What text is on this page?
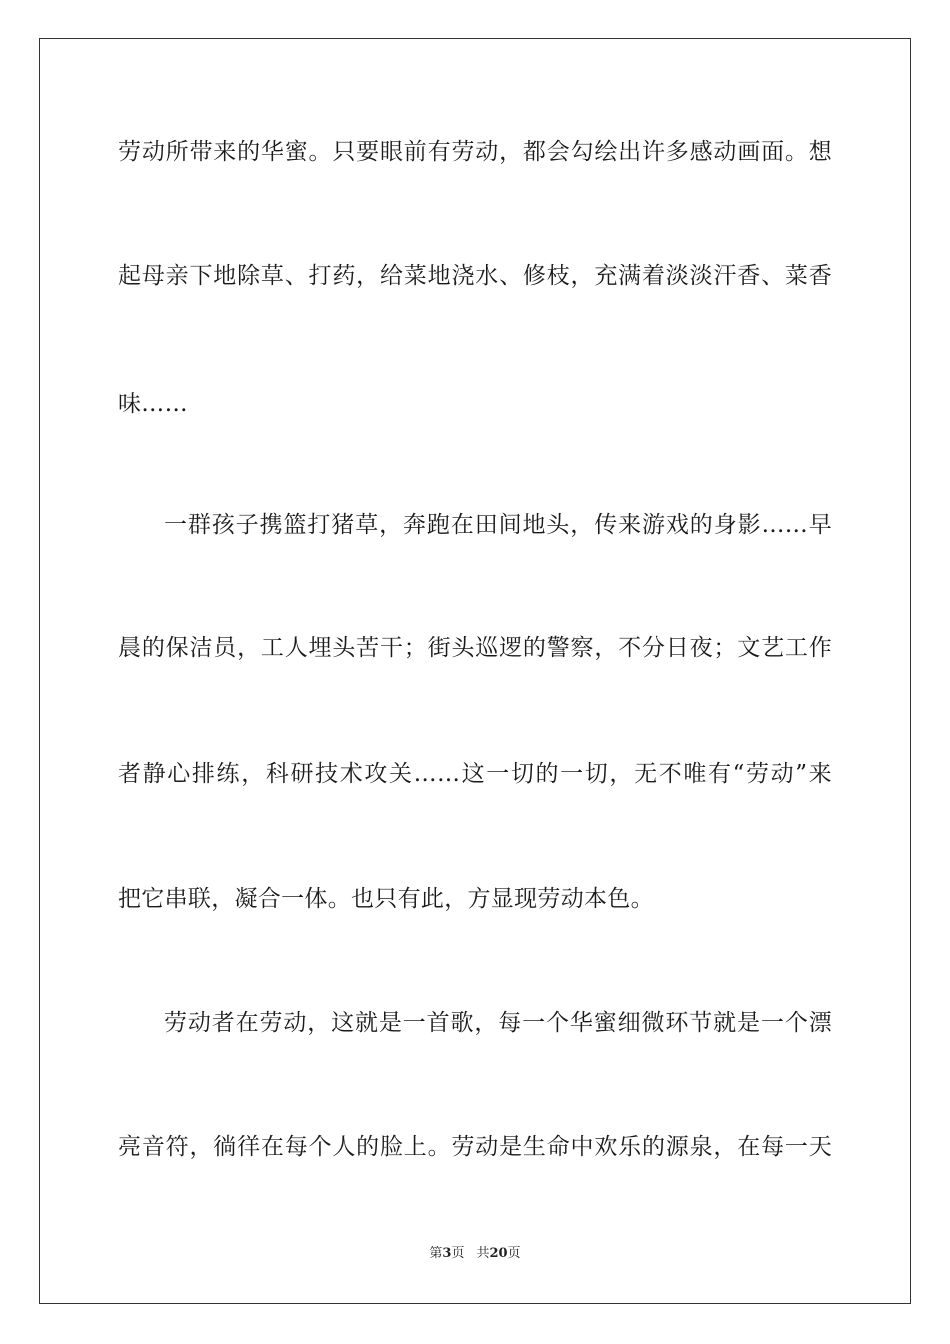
劳动所带来的华蜜。只要眼前有劳动，都会勾绘出许多感动画面。想
起母亲下地除草、打药，给菜地浇水、修枝，充满着淡淡汗香、菜香
味……
一群孩子携篮打猪草，奔跑在田间地头，传来游戏的身影……早
晨的保洁员，工人埋头苦干；街头巡逻的警察，不分日夜；文艺工作
者静心排练，科研技术攻关……这一切的一切，无不唯有“劳动”来
把它串联，凝合一体。也只有此，方显现劳动本色。
劳动者在劳动，这就是一首歌，每一个华蜜细微环节就是一个漂
亮音符，徜徉在每个人的脸上。劳动是生命中欢乐的源泉，在每一天
第3页 共20页
